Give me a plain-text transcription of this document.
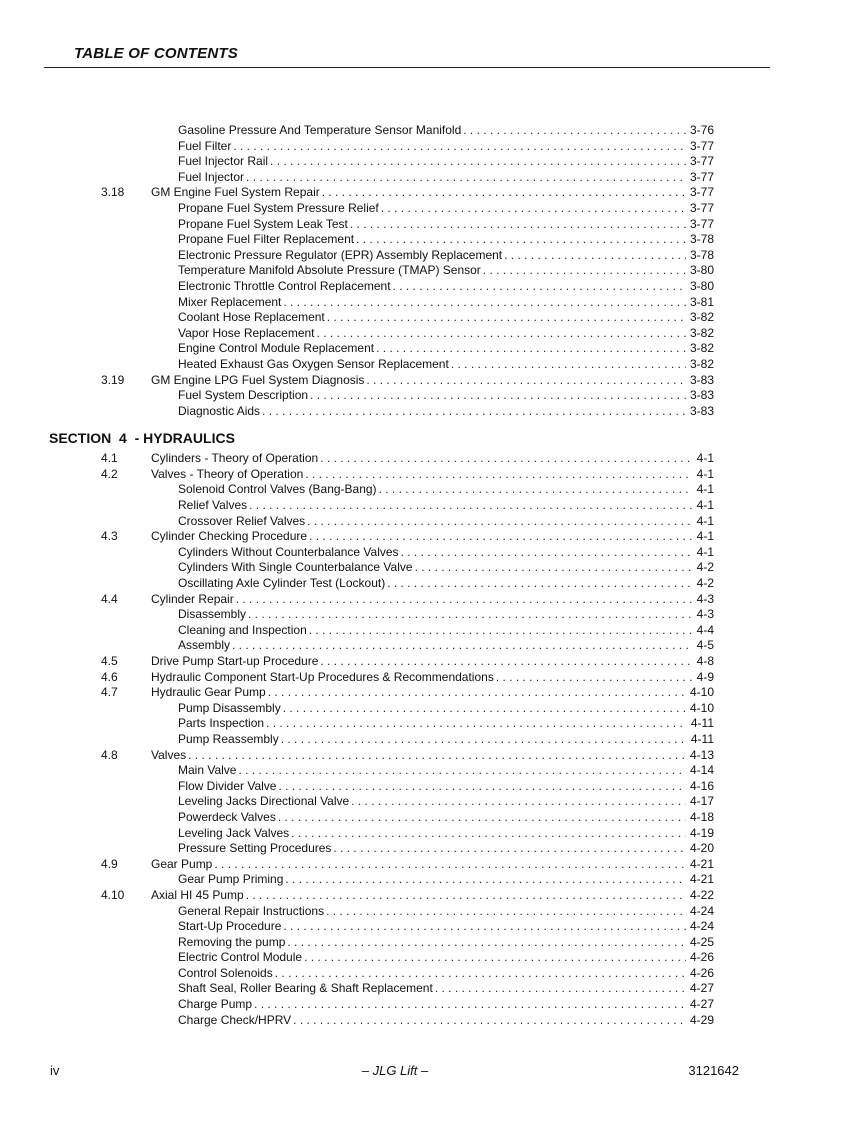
TABLE OF CONTENTS
Gasoline Pressure And Temperature Sensor Manifold . . .	3-76
Fuel Filter . . .	3-77
Fuel Injector Rail . . .	3-77
Fuel Injector . . .	3-77
3.18 GM Engine Fuel System Repair . . .	3-77
Propane Fuel System Pressure Relief . . .	3-77
Propane Fuel System Leak Test . . .	3-77
Propane Fuel Filter Replacement . . .	3-78
Electronic Pressure Regulator (EPR) Assembly Replacement . . .	3-78
Temperature Manifold Absolute Pressure (TMAP) Sensor . . .	3-80
Electronic Throttle Control Replacement . . .	3-80
Mixer Replacement . . .	3-81
Coolant Hose Replacement . . .	3-82
Vapor Hose Replacement . . .	3-82
Engine Control Module Replacement . . .	3-82
Heated Exhaust Gas Oxygen Sensor Replacement . . .	3-82
3.19 GM Engine LPG Fuel System Diagnosis . . .	3-83
Fuel System Description . . .	3-83
Diagnostic Aids . . .	3-83
SECTION  4  - HYDRAULICS
4.1	Cylinders - Theory of Operation . . .	4-1
4.2	Valves - Theory of Operation . . .	4-1
Solenoid Control Valves (Bang-Bang) . . .	4-1
Relief Valves . . .	4-1
Crossover Relief Valves . . .	4-1
4.3	Cylinder Checking Procedure . . .	4-1
Cylinders Without Counterbalance Valves . . .	4-1
Cylinders With Single Counterbalance Valve . . .	4-2
Oscillating Axle Cylinder Test (Lockout) . . .	4-2
4.4	Cylinder Repair . . .	4-3
Disassembly . . .	4-3
Cleaning and Inspection . . .	4-4
Assembly . . .	4-5
4.5	Drive Pump Start-up Procedure . . .	4-8
4.6	Hydraulic Component Start-Up Procedures & Recommendations . . .	4-9
4.7	Hydraulic Gear Pump . . .	4-10
Pump Disassembly . . .	4-10
Parts Inspection . . .	4-11
Pump Reassembly . . .	4-11
4.8	Valves . . .	4-13
Main Valve . . .	4-14
Flow Divider Valve . . .	4-16
Leveling Jacks Directional Valve . . .	4-17
Powerdeck Valves . . .	4-18
Leveling Jack Valves . . .	4-19
Pressure Setting Procedures . . .	4-20
4.9	Gear Pump . . .	4-21
Gear Pump Priming . . .	4-21
4.10 Axial HI 45 Pump . . .	4-22
General Repair Instructions . . .	4-24
Start-Up Procedure . . .	4-24
Removing the pump . . .	4-25
Electric Control Module . . .	4-26
Control Solenoids . . .	4-26
Shaft Seal, Roller Bearing & Shaft Replacement . . .	4-27
Charge Pump . . .	4-27
Charge Check/HPRV . . .	4-29
iv	– JLG Lift –	3121642
